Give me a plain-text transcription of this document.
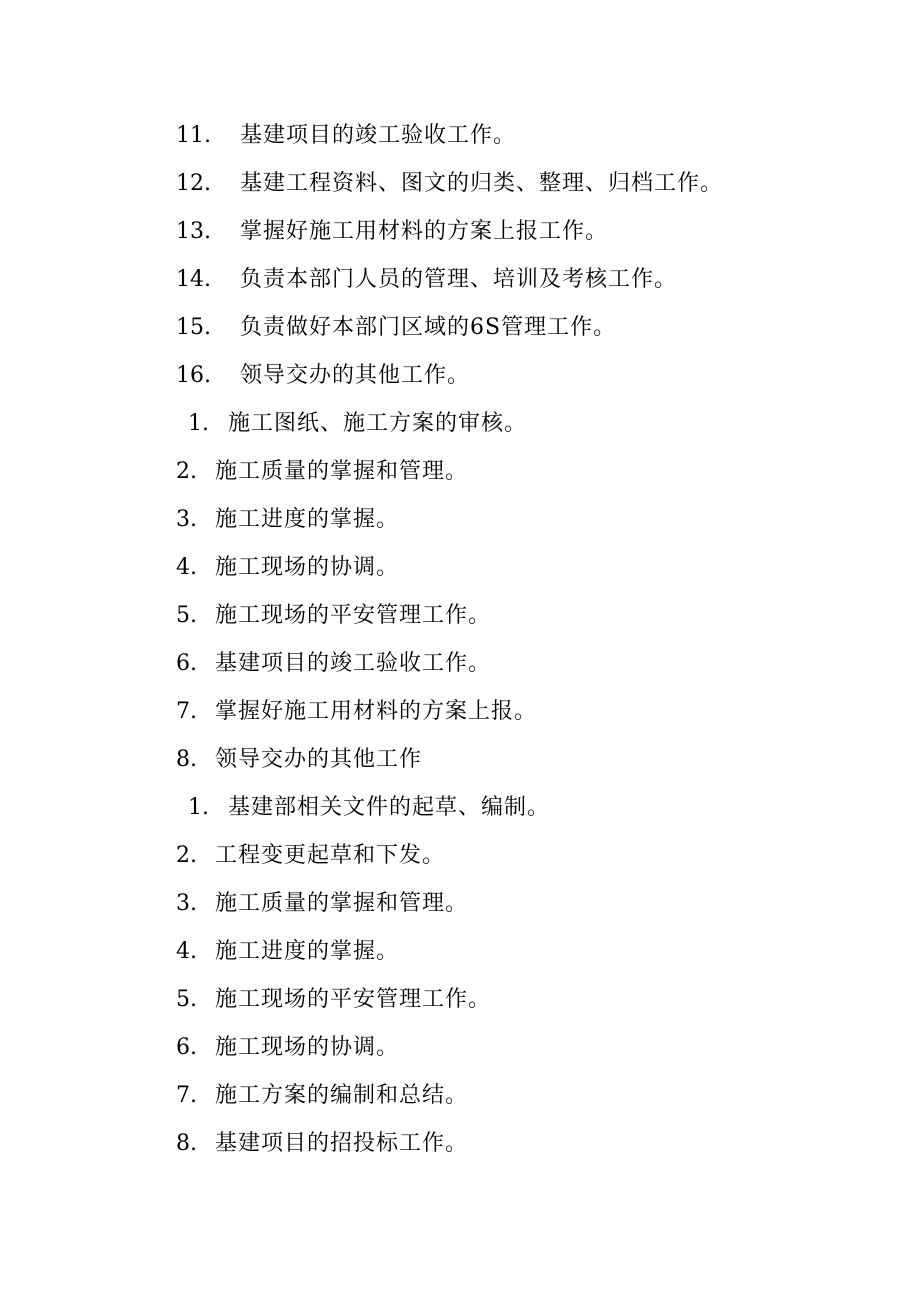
11. 基建项目的竣工验收工作。
12. 基建工程资料、图文的归类、整理、归档工作。
13. 掌握好施工用材料的方案上报工作。
14. 负责本部门人员的管理、培训及考核工作。
15. 负责做好本部门区域的6S管理工作。
16. 领导交办的其他工作。
1. 施工图纸、施工方案的审核。
2. 施工质量的掌握和管理。
3. 施工进度的掌握。
4. 施工现场的协调。
5. 施工现场的平安管理工作。
6. 基建项目的竣工验收工作。
7. 掌握好施工用材料的方案上报。
8. 领导交办的其他工作
1. 基建部相关文件的起草、编制。
2. 工程变更起草和下发。
3. 施工质量的掌握和管理。
4. 施工进度的掌握。
5. 施工现场的平安管理工作。
6. 施工现场的协调。
7. 施工方案的编制和总结。
8. 基建项目的招投标工作。
